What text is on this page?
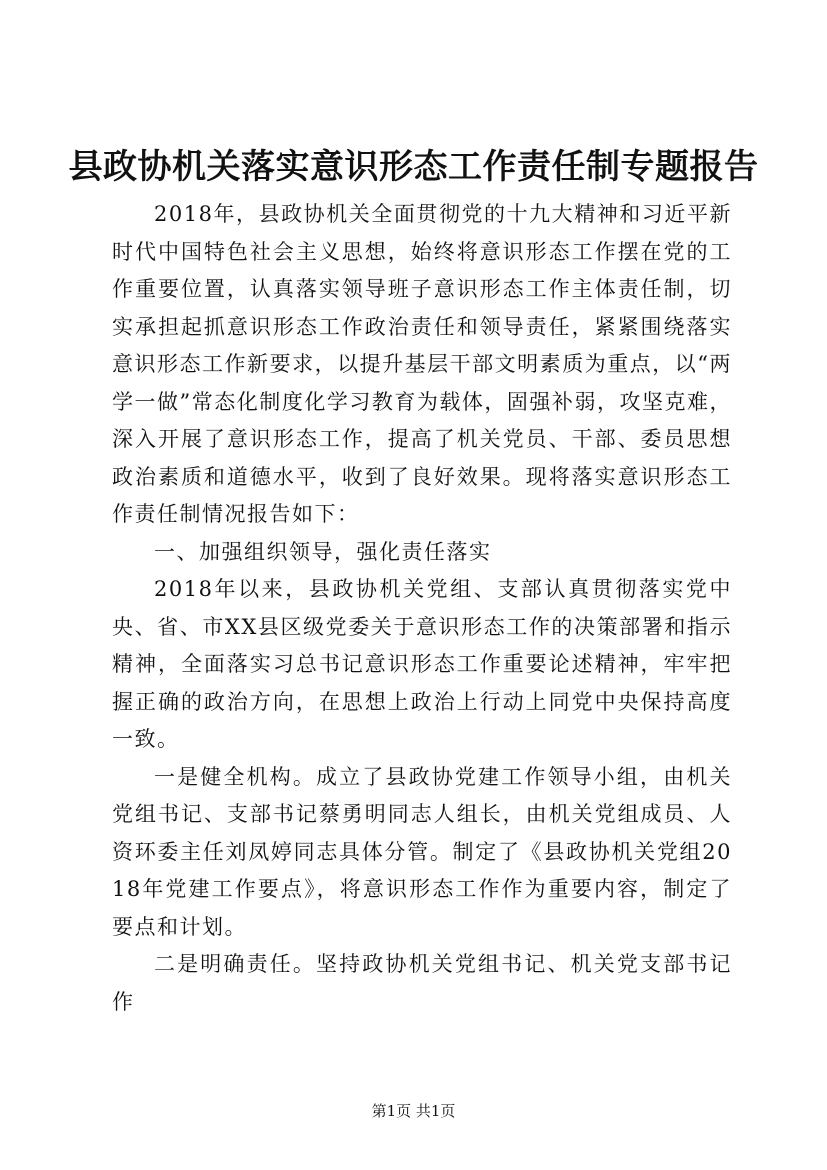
县政协机关落实意识形态工作责任制专题报告

2018年，县政协机关全面贯彻党的十九大精神和习近平新时代中国特色社会主义思想，始终将意识形态工作摆在党的工作重要位置，认真落实领导班子意识形态工作主体责任制，切实承担起抓意识形态工作政治责任和领导责任，紧紧围绕落实意识形态工作新要求，以提升基层干部文明素质为重点，以“两学一做”常态化制度化学习教育为载体，固强补弱，攻坚克难，深入开展了意识形态工作，提高了机关党员、干部、委员思想政治素质和道德水平，收到了良好效果。现将落实意识形态工作责任制情况报告如下：

一、加强组织领导，强化责任落实

2018年以来，县政协机关党组、支部认真贯彻落实党中央、省、市XX县区级党委关于意识形态工作的决策部署和指示精神，全面落实习总书记意识形态工作重要论述精神，牢牢把握正确的政治方向，在思想上政治上行动上同党中央保持高度一致。

一是健全机构。成立了县政协党建工作领导小组，由机关党组书记、支部书记蔡勇明同志人组长，由机关党组成员、人资环委主任刘凤婷同志具体分管。制定了《县政协机关党组2018年党建工作要点》，将意识形态工作作为重要内容，制定了要点和计划。

二是明确责任。坚持政协机关党组书记、机关党支部书记作

第1页 共1页
